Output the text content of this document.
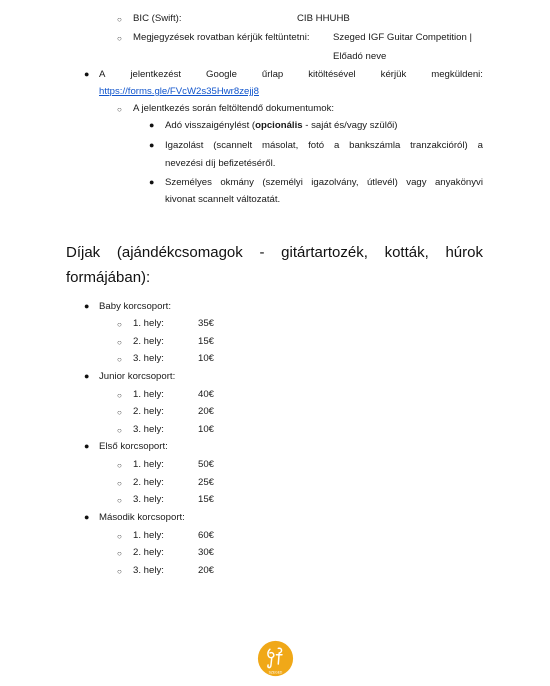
○ BIC (Swift):	CIB HHUHB
○ Megjegyzések rovatban kérjük feltüntetni: Szeged IGF Guitar Competition |
Előadó neve
● A	jelentkezést	Google	űrlap	kitöltésével	kérjük	megküldeni:
https://forms.gle/FVcW2s35Hwr8zejj8
○ A jelentkezés során feltöltendő dokumentumok:
● Adó visszaigénylést (opcionális - saját és/vagy szülői)
● Igazolást (scannelt másolat, fotó a bankszámla tranzakcióról) a
nevezési díj befizetéséről.
● Személyes okmány (személyi igazolvány, útlevél) vagy anyakönyvi
kivonat scannelt változatát.
Díjak (ajándékcsomagok - gitártartozék, kották, húrok
formájában):
● Baby korcsoport:
○ 1. hely:	35€
○ 2. hely:	15€
○ 3. hely:	10€
● Junior korcsoport:
○ 1. hely:	40€
○ 2. hely:	20€
○ 3. hely:	10€
● Első korcsoport:
○ 1. hely:	50€
○ 2. hely:	25€
○ 3. hely:	15€
● Második korcsoport:
○ 1. hely:	60€
○ 2. hely:	30€
○ 3. hely:	20€
SZEGED
